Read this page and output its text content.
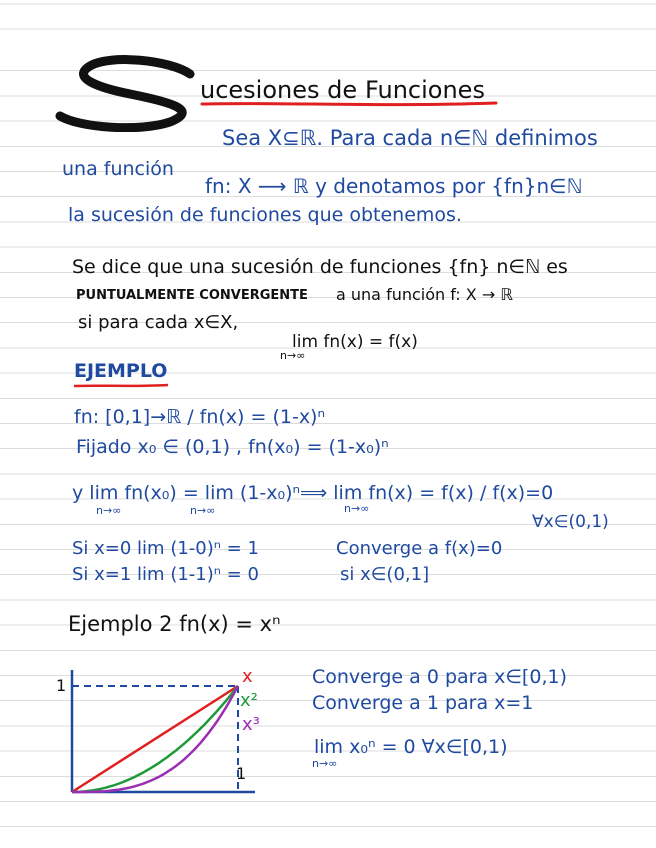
ucesiones de Funciones
Sea X⊆ℝ. Para cada n∈ℕ definimos
una función
fn: X ⟶ ℝ y denotamos por {fn}n∈ℕ
la sucesión de funciones que obtenemos.
Se dice que una sucesión de funciones {fn} n∈ℕ es
PUNTUALMENTE CONVERGENTE a una función f: X → ℝ
si para cada x∈X,
lim fn(x) = f(x)
n→∞
EJEMPLO
fn: [0,1]→ℝ / fn(x) = (1-x)ⁿ
Fijado x₀ ∈ (0,1) , fn(x₀) = (1-x₀)ⁿ
y lim fn(x₀) = lim (1-x₀)ⁿ
n→∞	n→∞
⟹ lim fn(x) = f(x) / f(x)=0
n→∞
∀x∈(0,1)
Si x=0 lim (1-0)ⁿ = 1
Si x=1 lim (1-1)ⁿ = 0
Converge a f(x)=0
si x∈(0,1]
Ejemplo 2 fn(x) = xⁿ
1
1
x
x²
x³
Converge a 0 para x∈[0,1)
Converge a 1 para x=1
lim x₀ⁿ = 0 ∀x∈[0,1)
n→∞
